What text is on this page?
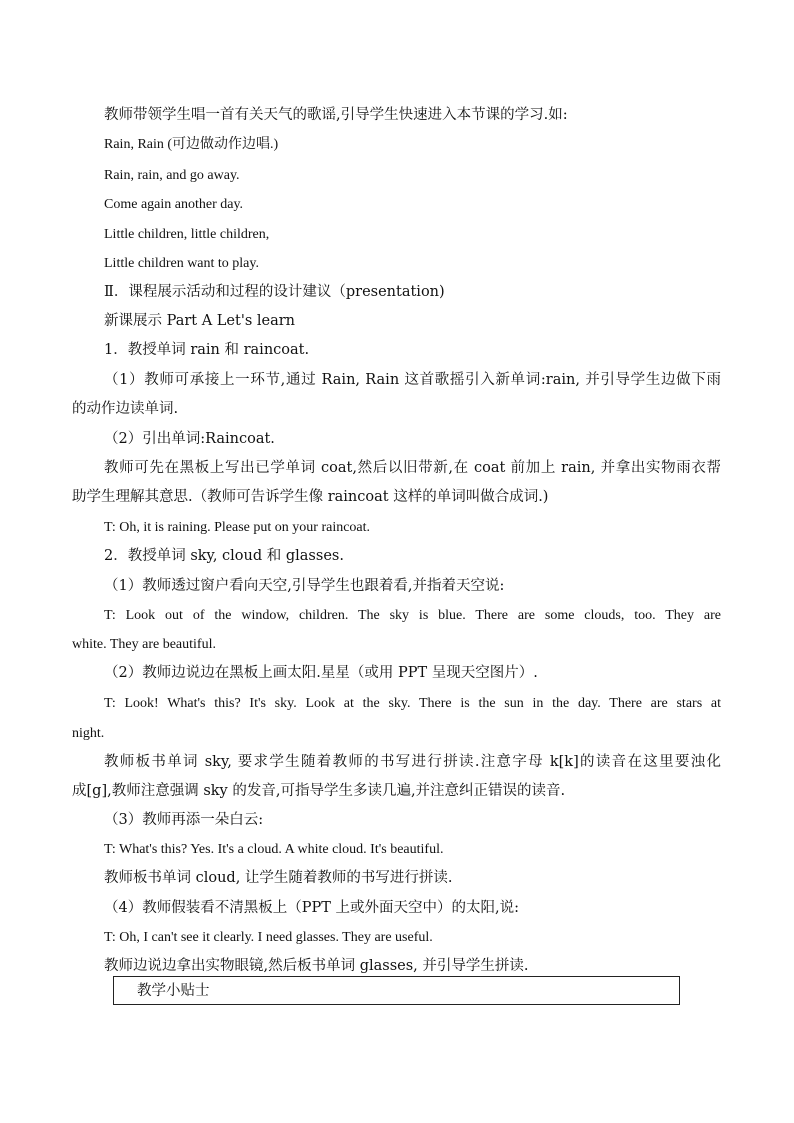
教师带领学生唱一首有关天气的歌谣,引导学生快速进入本节课的学习.如:
Rain, Rain (可边做动作边唱.)
Rain, rain, and go away.
Come again another day.
Little children, little children,
Little children want to play.
Ⅱ．课程展示活动和过程的设计建议（presentation)
新课展示 Part A Let's learn
1．教授单词 rain 和 raincoat.
（1）教师可承接上一环节,通过 Rain, Rain 这首歌摇引入新单词:rain, 并引导学生边做下雨
的动作边读单词.
（2）引出单词:Raincoat.
教师可先在黑板上写出已学单词 coat,然后以旧带新,在 coat 前加上 rain, 并拿出实物雨衣帮
助学生理解其意思.（教师可告诉学生像 raincoat 这样的单词叫做合成词.)
T: Oh, it is raining. Please put on your raincoat.
2．教授单词 sky, cloud 和 glasses.
（1）教师透过窗户看向天空,引导学生也跟着看,并指着天空说:
T: Look out of the window, children. The sky is blue. There are some clouds, too. They are
white. They are beautiful.
（2）教师边说边在黑板上画太阳.星星（或用 PPT 呈现天空图片）.
T: Look! What's this? It's sky. Look at the sky. There is the sun in the day. There are stars at
night.
教师板书单词 sky, 要求学生随着教师的书写进行拼读.注意字母 k[k]的读音在这里要浊化
成[g],教师注意强调 sky 的发音,可指导学生多读几遍,并注意纠正错误的读音.
（3）教师再添一朵白云:
T: What's this? Yes. It's a cloud. A white cloud. It's beautiful.
教师板书单词 cloud, 让学生随着教师的书写进行拼读.
（4）教师假装看不清黑板上（PPT 上或外面天空中）的太阳,说:
T: Oh, I can't see it clearly. I need glasses. They are useful.
教师边说边拿出实物眼镜,然后板书单词 glasses, 并引导学生拼读.
教学小贴士
